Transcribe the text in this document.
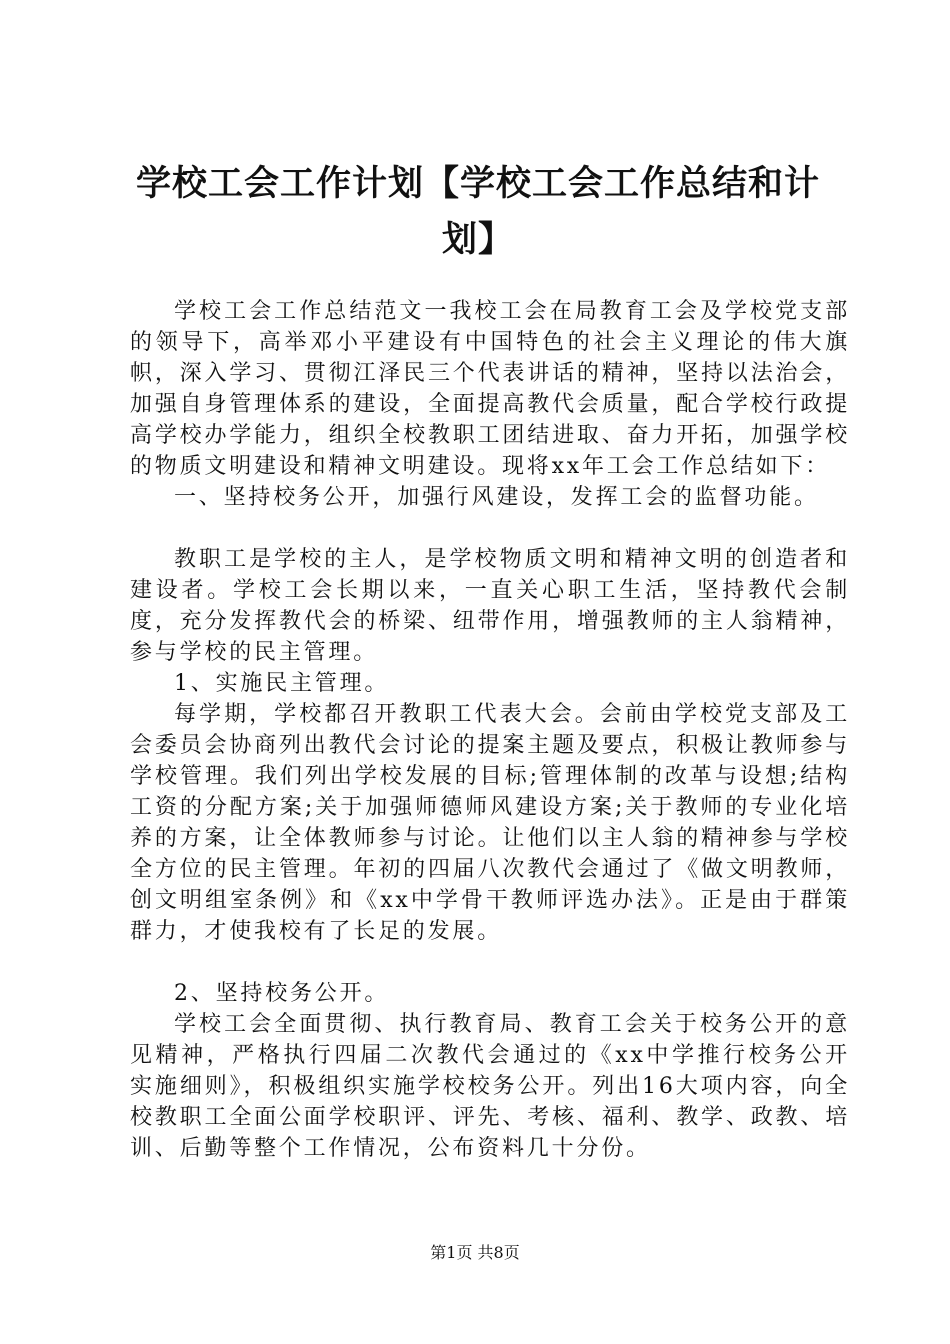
学校工会工作计划【学校工会工作总结和计划】

学校工会工作总结范文一我校工会在局教育工会及学校党支部的领导下，高举邓小平建设有中国特色的社会主义理论的伟大旗帜，深入学习、贯彻江泽民三个代表讲话的精神，坚持以法治会，加强自身管理体系的建设，全面提高教代会质量，配合学校行政提高学校办学能力，组织全校教职工团结进取、奋力开拓，加强学校的物质文明建设和精神文明建设。现将xx年工会工作总结如下：

一、坚持校务公开，加强行风建设，发挥工会的监督功能。

教职工是学校的主人，是学校物质文明和精神文明的创造者和建设者。学校工会长期以来，一直关心职工生活，坚持教代会制度，充分发挥教代会的桥梁、纽带作用，增强教师的主人翁精神，参与学校的民主管理。

1、实施民主管理。

每学期，学校都召开教职工代表大会。会前由学校党支部及工会委员会协商列出教代会讨论的提案主题及要点，积极让教师参与学校管理。我们列出学校发展的目标;管理体制的改革与设想;结构工资的分配方案;关于加强师德师风建设方案;关于教师的专业化培养的方案，让全体教师参与讨论。让他们以主人翁的精神参与学校全方位的民主管理。年初的四届八次教代会通过了《做文明教师，创文明组室条例》和《xx中学骨干教师评选办法》。正是由于群策群力，才使我校有了长足的发展。

2、坚持校务公开。

学校工会全面贯彻、执行教育局、教育工会关于校务公开的意见精神，严格执行四届二次教代会通过的《xx中学推行校务公开实施细则》，积极组织实施学校校务公开。列出16大项内容，向全校教职工全面公面学校职评、评先、考核、福利、教学、政教、培训、后勤等整个工作情况，公布资料几十分份。

第1页 共8页
